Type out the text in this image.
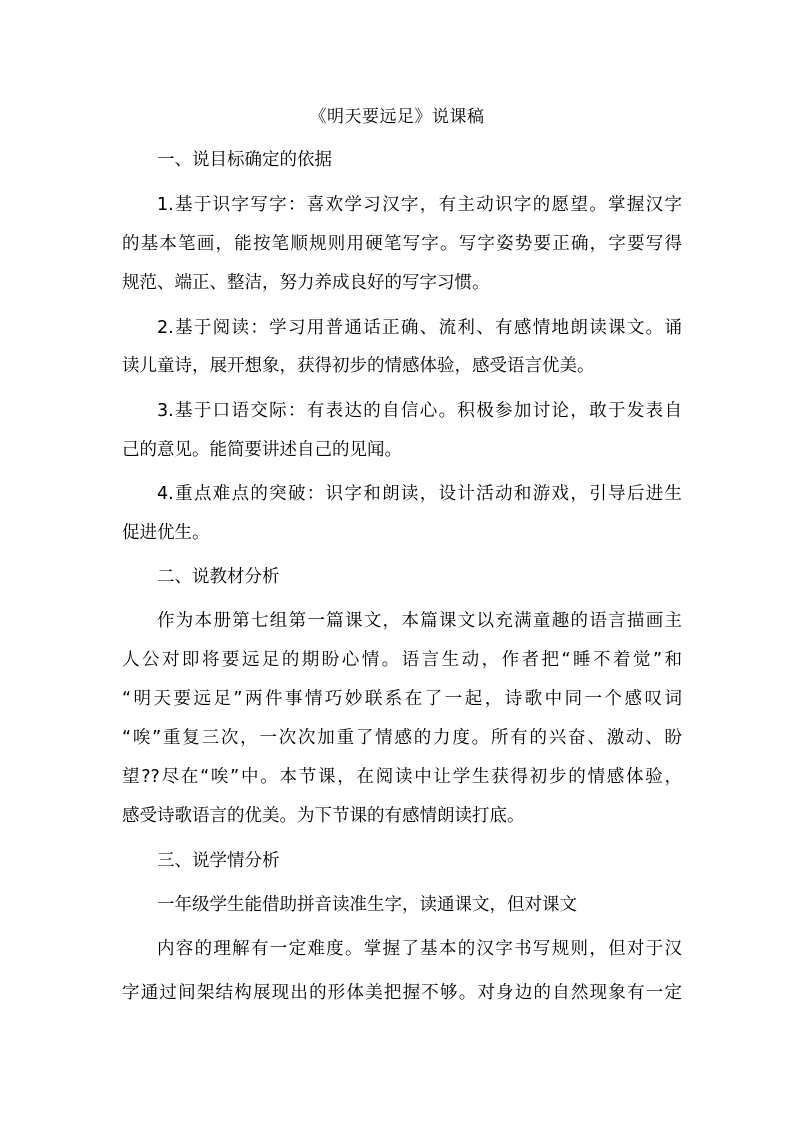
《明天要远足》说课稿
一、说目标确定的依据
1.基于识字写字：喜欢学习汉字，有主动识字的愿望。掌握汉字
的基本笔画，能按笔顺规则用硬笔写字。写字姿势要正确，字要写得
规范、端正、整洁，努力养成良好的写字习惯。
2.基于阅读：学习用普通话正确、流利、有感情地朗读课文。诵
读儿童诗，展开想象，获得初步的情感体验，感受语言优美。
3.基于口语交际：有表达的自信心。积极参加讨论，敢于发表自
己的意见。能简要讲述自己的见闻。
4.重点难点的突破：识字和朗读，设计活动和游戏，引导后进生
促进优生。
二、说教材分析
作为本册第七组第一篇课文，本篇课文以充满童趣的语言描画主
人公对即将要远足的期盼心情。语言生动，作者把“睡不着觉”和
“明天要远足”两件事情巧妙联系在了一起，诗歌中同一个感叹词
“唉”重复三次，一次次加重了情感的力度。所有的兴奋、激动、盼
望??尽在“唉”中。本节课，在阅读中让学生获得初步的情感体验，
感受诗歌语言的优美。为下节课的有感情朗读打底。
三、说学情分析
一年级学生能借助拼音读准生字，读通课文，但对课文
内容的理解有一定难度。掌握了基本的汉字书写规则，但对于汉
字通过间架结构展现出的形体美把握不够。对身边的自然现象有一定
